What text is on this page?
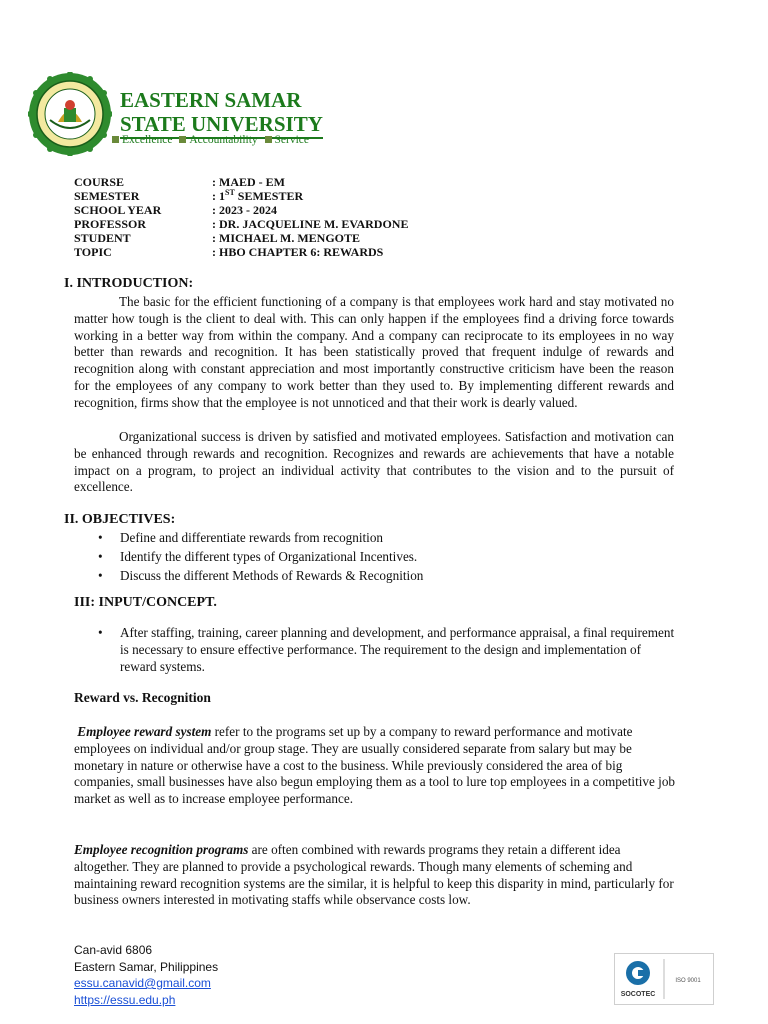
EASTERN SAMAR
STATE UNIVERSITY
Excellence Accountability Service
COURSE	: MAED - EM
SEMESTER	: 1ST SEMESTER
SCHOOL YEAR	: 2023 - 2024
PROFESSOR	: DR. JACQUELINE M. EVARDONE
STUDENT	: MICHAEL M. MENGOTE
TOPIC	: HBO CHAPTER 6: REWARDS
I. INTRODUCTION:
The basic for the efficient functioning of a company is that employees work hard and stay motivated no matter how tough is the client to deal with. This can only happen if the employees find a driving force towards working in a better way from within the company. And a company can reciprocate to its employees in no way better than rewards and recognition. It has been statistically proved that frequent indulge of rewards and recognition along with constant appreciation and most importantly constructive criticism have been the reason for the employees of any company to work better than they used to. By implementing different rewards and recognition, firms show that the employee is not unnoticed and that their work is dearly valued.
Organizational success is driven by satisfied and motivated employees. Satisfaction and motivation can be enhanced through rewards and recognition. Recognizes and rewards are achievements that have a notable impact on a program, to project an individual activity that contributes to the vision and to the pursuit of excellence.
II. OBJECTIVES:
• Define and differentiate rewards from recognition
• Identify the different types of Organizational Incentives.
• Discuss the different Methods of Rewards & Recognition
III: INPUT/CONCEPT.
• After staffing, training, career planning and development, and performance appraisal, a final requirement is necessary to ensure effective performance. The requirement to the design and implementation of reward systems.
Reward vs. Recognition
Employee reward system refer to the programs set up by a company to reward performance and motivate employees on individual and/or group stage. They are usually considered separate from salary but may be monetary in nature or otherwise have a cost to the business. While previously considered the area of big companies, small businesses have also begun employing them as a tool to lure top employees in a competitive job market as well as to increase employee performance.
Employee recognition programs are often combined with rewards programs they retain a different idea altogether. They are planned to provide a psychological rewards. Though many elements of scheming and maintaining reward recognition systems are the similar, it is helpful to keep this disparity in mind, particularly for business owners interested in motivating staffs while observance costs low.
Can-avid 6806
Eastern Samar, Philippines
essu.canavid@gmail.com
https://essu.edu.ph	SOCOTEC
ISO 9001
